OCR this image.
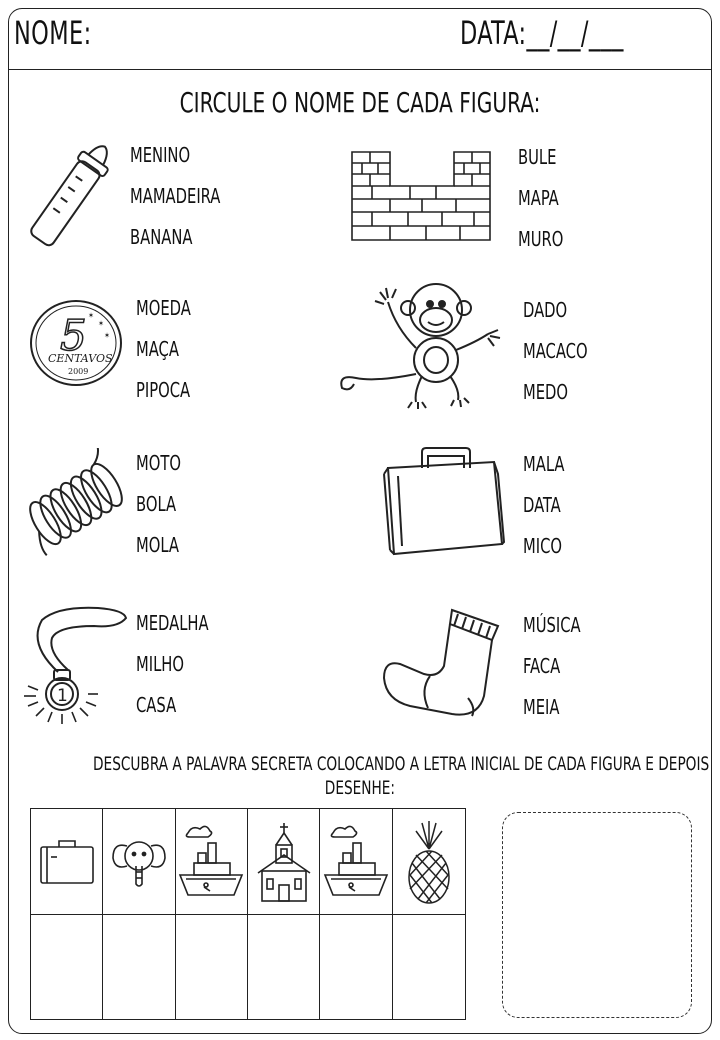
NOME:	DATA:__/__/___
CIRCULE O NOME DE CADA FIGURA:
MENINO
MAMADEIRA
BANANA
BULE
MAPA
MURO
5
CENTAVOS
2009
✶
✶
✶ MOEDA
MAÇA
PIPOCA
DADO
MACACO
MEDO
MOTO
BOLA
MOLA
MALA
DATA
MICO
1
MEDALHA
MILHO
CASA
MÚSICA
FACA
MEIA
DESCUBRA A PALAVRA SECRETA COLOCANDO A LETRA INICIAL DE CADA FIGURA E DEPOIS
DESENHE:
